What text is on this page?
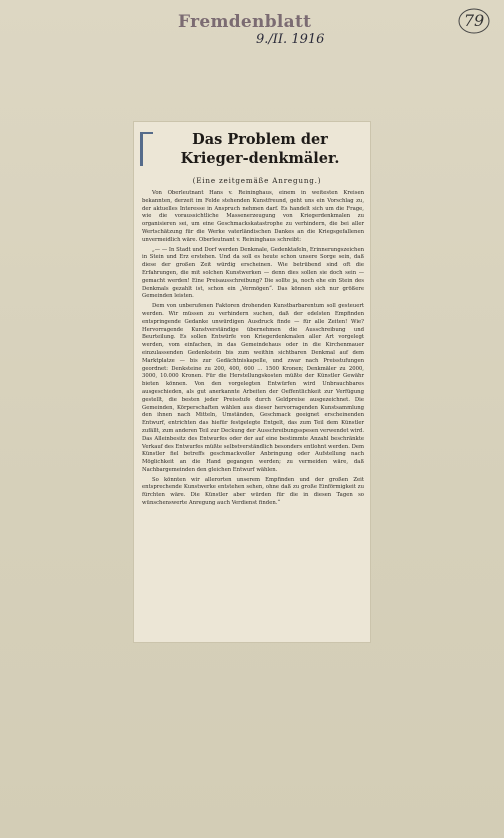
Fremdenblatt
9./II. 1916
79
Das Problem der Krieger-denkmäler.
(Eine zeitgemäße Anregung.)

Von Oberleutnant Hans v. Reininghaus, einem in weitesten Kreisen bekannten, derzeit im Felde stehenden Kunstfreund, geht uns ein Vorschlag zu, der aktuelles Interesse in Anspruch nehmen darf. Es handelt sich um die Frage, wie die voraussichtliche Massenerzeugung von Kriegerdenkmalen zu organisieren sei, um eine Geschmackskatastrophe zu verhindern, die bei aller Wertschätzung für die Werke vaterländischen Dankes an die Kriegsgefallenen unvermeidlich wäre. Oberleutnant v. Reininghaus schreibt:

„— — In Stadt und Dorf werden Denkmale, Gedenktafeln, Erinnerungszeichen in Stein und Erz erstehen. Und da soll es heute schon unsere Sorge sein, daß diese der großen Zeit würdig erscheinen. Wie betrübend sind oft die Erfahrungen, die mit solchen Kunstwerken — denn dies sollen sie doch sein — gemacht werden! Eine Preisausschreibung? Die sollte ja, noch ehe ein Stein des Denkmals gezahlt ist, schon ein „Vermögen“. Das können sich nur größere Gemeinden leisten.

Dem von unberufenen Faktoren drohenden Kunstbarbarentum soll gesteuert werden. Wir müssen zu verhindern suchen, daß der edelsten Empfinden entspringende Gedanke unwürdigen Ausdruck finde — für alle Zeiten! Wie? Hervorragende Kunstverständige übernehmen die Ausschreibung und Beurteilung. Es sollen Entwürfe von Kriegerdenkmalen aller Art vorgelegt werden, vom einfachen, in das Gemeindehaus oder in die Kirchenmauer einzulassenden Gedenkstein bis zum weithin sichtbaren Denkmal auf dem Marktplatze — bis zur Gedächtniskapelle, und zwar nach Preisstufungen geordnet: Denksteine zu 200, 400, 600 ... 1500 Kronen; Denkmäler zu 2000, 3000, 10.000 Kronen. Für die Herstellungskosten müßte der Künstler Gewähr bieten können. Von den vorgelegten Entwürfen wird Unbrauchbares ausgeschieden, als gut anerkannte Arbeiten der Oeffentlichkeit zur Verfügung gestellt, die besten jeder Preisstufe durch Geldpreise ausgezeichnet. Die Gemeinden, Körperschaften wählen aus dieser hervorragenden Kunstsammlung den ihnen nach Mitteln, Umständen, Geschmack geeignet erscheinenden Entwurf, entrichten das hiefür festgelegte Entgelt, das zum Teil dem Künstler zufällt, zum anderen Teil zur Deckung der Ausschreibungsspesen verwendet wird. Das Alleinbesitz des Entwurfes oder der auf eine bestimmte Anzahl beschränkte Verkauf des Entwurfes müßte selbstverständlich besonders entlohnt werden. Dem Künstler fiel betreffs geschmackvoller Anbringung oder Aufstellung nach Möglichkeit an die Hand gegangen werden; zu vermeiden wäre, daß Nachbargemeinden den gleichen Entwurf wählen.

So könnten wir allerorten unserem Empfinden und der großen Zeit entsprechende Kunstwerke entstehen sehen, ohne daß zu große Einförmigkeit zu fürchten wäre. Die Künstler aber würden für die in diesen Tagen so wünschenswerte Anregung auch Verdienst finden.“
